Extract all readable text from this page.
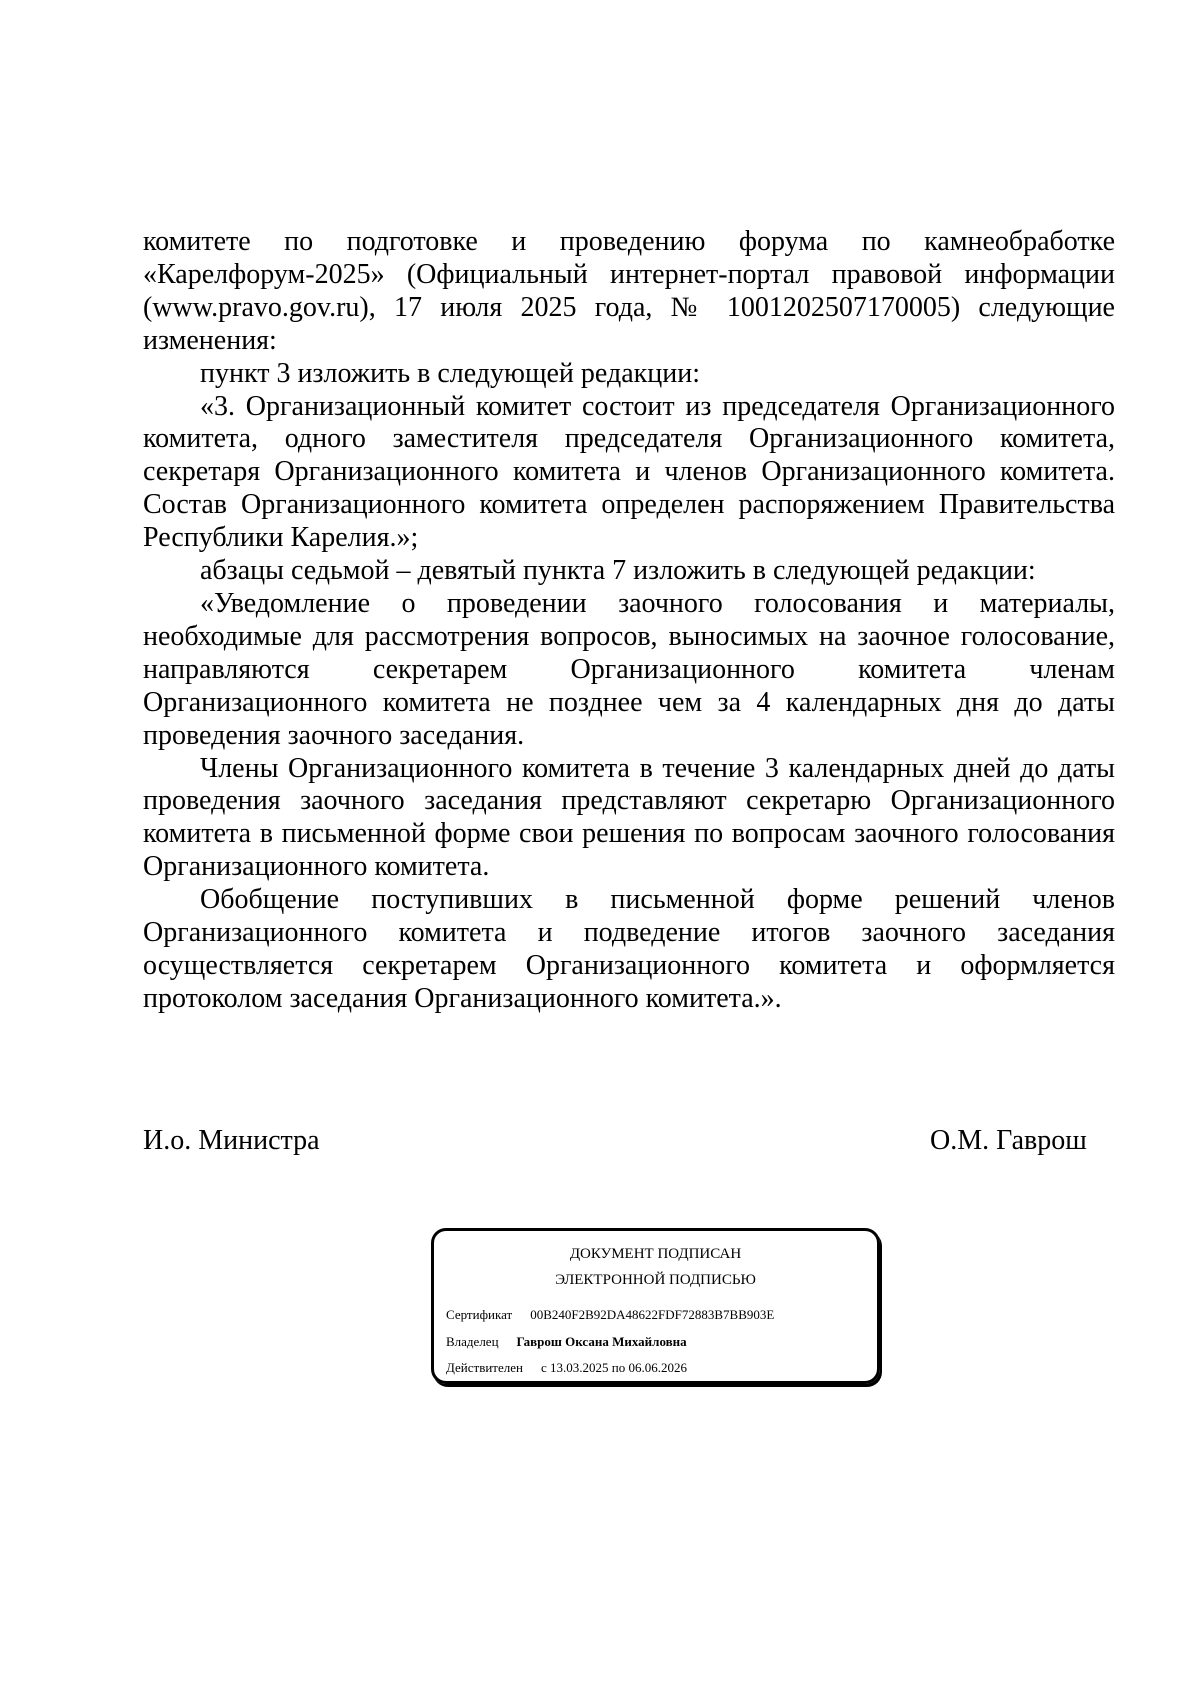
комитете по подготовке и проведению форума по камнеобработке «Карелфорум-2025» (Официальный интернет-портал правовой информации (www.pravo.gov.ru), 17 июля 2025 года, № 1001202507170005) следующие изменения:

пункт 3 изложить в следующей редакции:

«3. Организационный комитет состоит из председателя Организационного комитета, одного заместителя председателя Организационного комитета, секретаря Организационного комитета и членов Организационного комитета. Состав Организационного комитета определен распоряжением Правительства Республики Карелия.»;

абзацы седьмой – девятый пункта 7 изложить в следующей редакции:

«Уведомление о проведении заочного голосования и материалы, необходимые для рассмотрения вопросов, выносимых на заочное голосование, направляются секретарем Организационного комитета членам Организационного комитета не позднее чем за 4 календарных дня до даты проведения заочного заседания.

Члены Организационного комитета в течение 3 календарных дней до даты проведения заочного заседания представляют секретарю Организационного комитета в письменной форме свои решения по вопросам заочного голосования Организационного комитета.

Обобщение поступивших в письменной форме решений членов Организационного комитета и подведение итогов заочного заседания осуществляется секретарем Организационного комитета и оформляется протоколом заседания Организационного комитета.».

И.о. Министра	О.М. Гаврош
ДОКУМЕНТ ПОДПИСАН
ЭЛЕКТРОННОЙ ПОДПИСЬЮ
Сертификат 00B240F2B92DA48622FDF72883B7BB903E
Владелец Гаврош Оксана Михайловна
Действителен с 13.03.2025 по 06.06.2026
